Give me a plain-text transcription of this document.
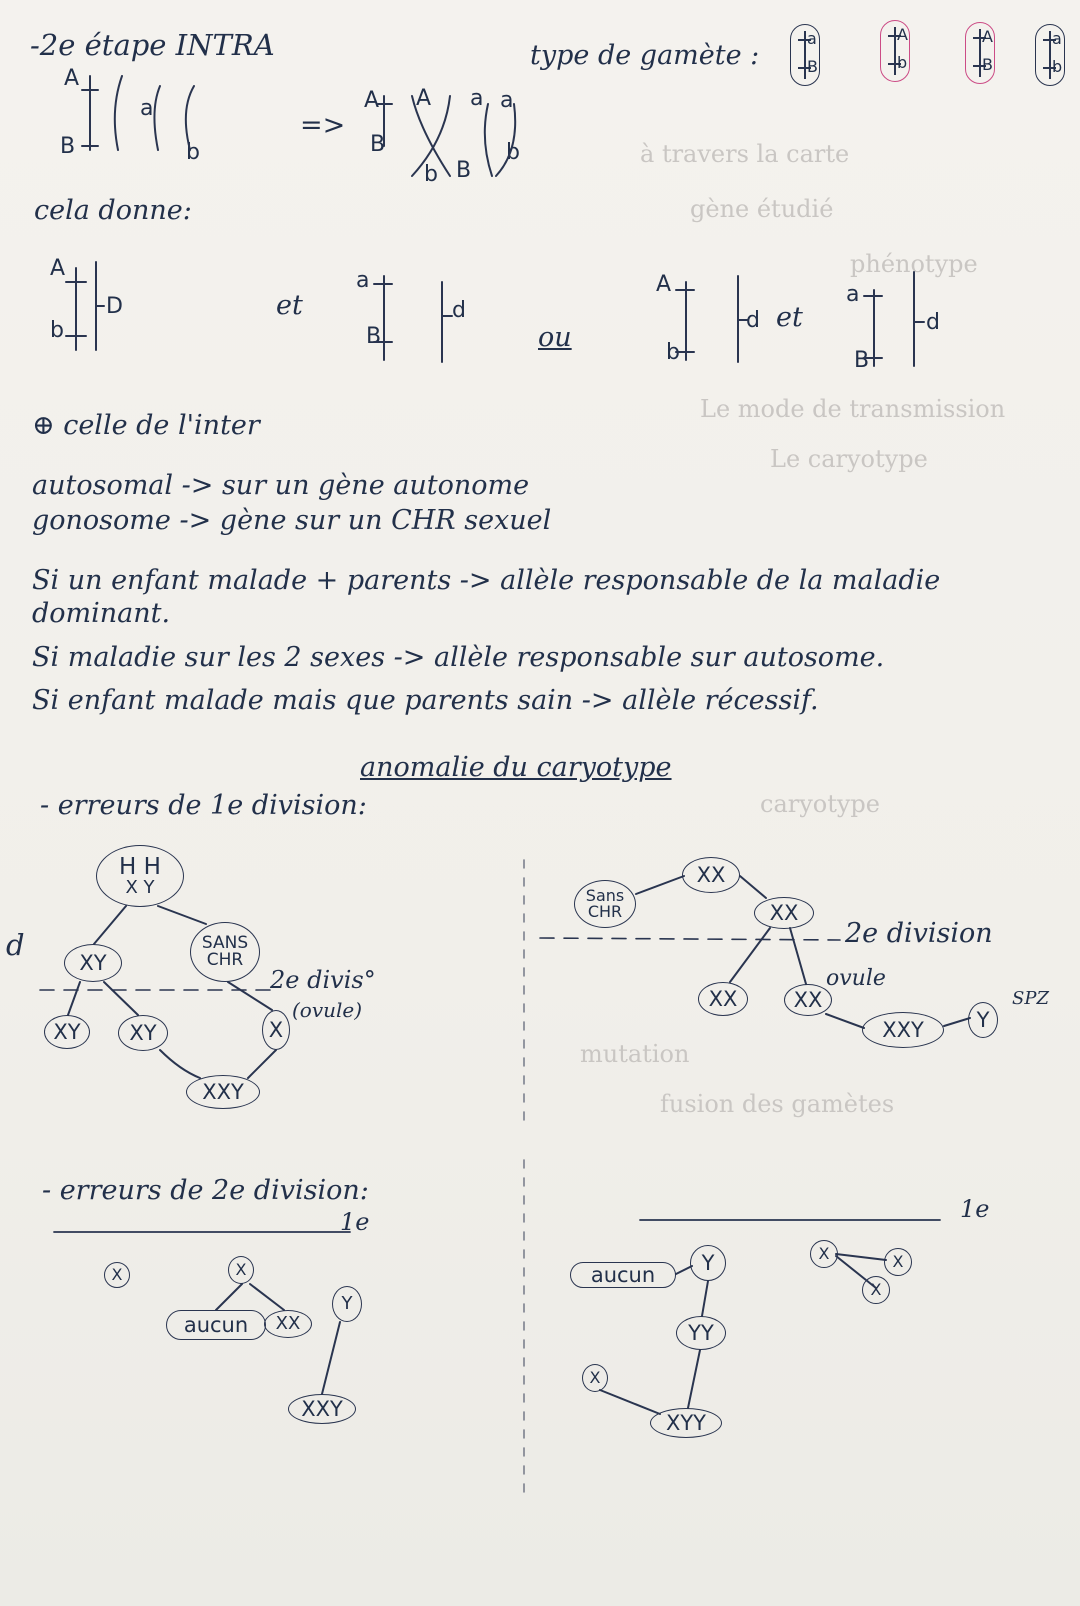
à travers la carte
gène étudié
phénotype
Le mode de transmission
Le caryotype
caryotype
mutation
fusion des gamètes
-2e étape INTRA	type de gamète :
a
B
A
b
A
B
a
b
A
a
B	b
=>
A A a a
B
B
b
b
cela donne:
A
b
D	et
a
B
d
ou
A
b
d et
a
B
d
⊕ celle de l'inter
autosomal -> sur un gène autonome
gonosome -> gène sur un CHR sexuel
Si un enfant malade + parents -> allèle responsable de la maladie
dominant.
Si maladie sur les 2 sexes -> allèle responsable sur autosome.
Si enfant malade mais que parents sain -> allèle récessif.
anomalie du caryotype
- erreurs de 1e division:
d
H H
X Y
XY
SANS CHR
2e divis°
XY	XY	X
(ovule)
XXY
Sans CHR
XX
XX
2e division
XX	XX
ovule
Y
SPZ
XXY
- erreurs de 2e division:
1e
X	X
aucun	XX
Y
XXY
1e
aucun	Y
YY
X
XYY
X	X
X
